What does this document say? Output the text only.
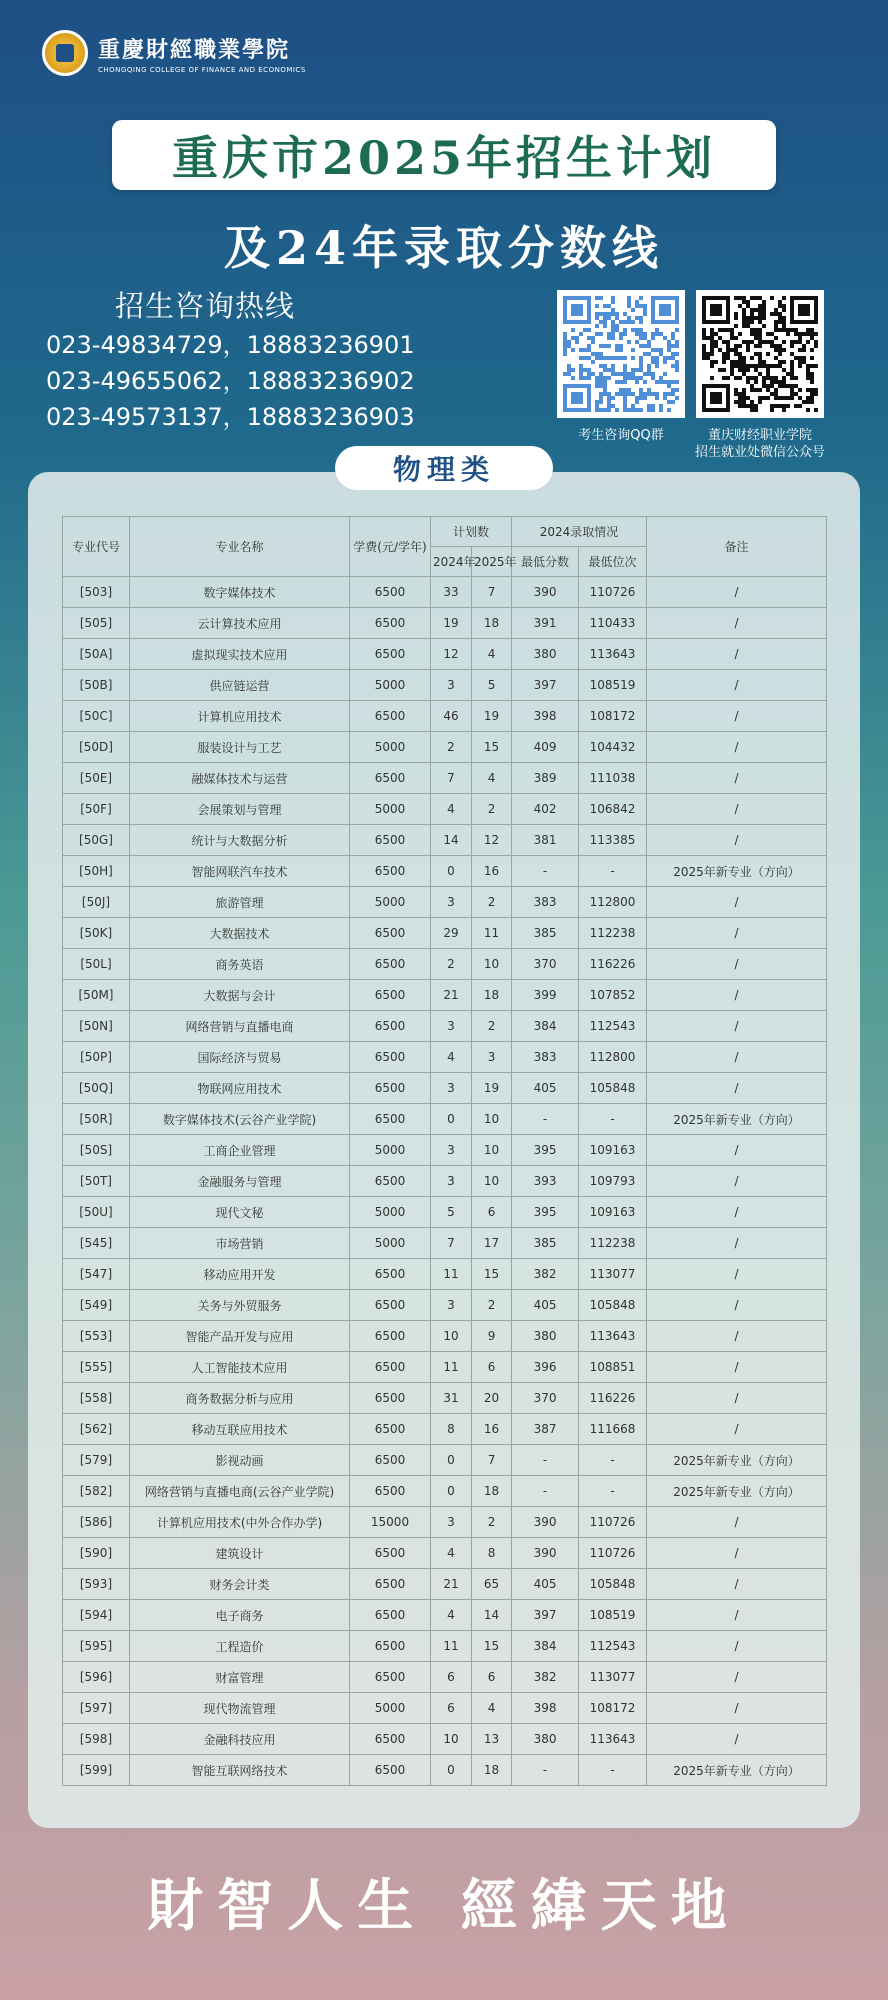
重慶財經職業學院
CHONGQING COLLEGE OF FINANCE AND ECONOMICS
重庆市2025年招生计划
及24年录取分数线
招生咨询热线
023-49834729，18883236901
023-49655062，18883236902
023-49573137，18883236903
考生咨询QQ群	董庆财经职业学院
招生就业处微信公众号
物理类
专业代号	专业名称	学费(元/学年)	计划数		2024录取情况		备注
			2024年	2025年	最低分数	最低位次	
[503]	数字媒体技术	6500	33	7	390	110726	/
[505]	云计算技术应用	6500	19	18	391	110433	/
[50A]	虚拟现实技术应用	6500	12	4	380	113643	/
[50B]	供应链运营	5000	3	5	397	108519	/
[50C]	计算机应用技术	6500	46	19	398	108172	/
[50D]	服装设计与工艺	5000	2	15	409	104432	/
[50E]	融媒体技术与运营	6500	7	4	389	111038	/
[50F]	会展策划与管理	5000	4	2	402	106842	/
[50G]	统计与大数据分析	6500	14	12	381	113385	/
[50H]	智能网联汽车技术	6500	0	16	-	-	2025年新专业（方向）
[50J]	旅游管理	5000	3	2	383	112800	/
[50K]	大数据技术	6500	29	11	385	112238	/
[50L]	商务英语	6500	2	10	370	116226	/
[50M]	大数据与会计	6500	21	18	399	107852	/
[50N]	网络营销与直播电商	6500	3	2	384	112543	/
[50P]	国际经济与贸易	6500	4	3	383	112800	/
[50Q]	物联网应用技术	6500	3	19	405	105848	/
[50R]	数字媒体技术(云谷产业学院)	6500	0	10	-	-	2025年新专业（方向）
[50S]	工商企业管理	5000	3	10	395	109163	/
[50T]	金融服务与管理	6500	3	10	393	109793	/
[50U]	现代文秘	5000	5	6	395	109163	/
[545]	市场营销	5000	7	17	385	112238	/
[547]	移动应用开发	6500	11	15	382	113077	/
[549]	关务与外贸服务	6500	3	2	405	105848	/
[553]	智能产品开发与应用	6500	10	9	380	113643	/
[555]	人工智能技术应用	6500	11	6	396	108851	/
[558]	商务数据分析与应用	6500	31	20	370	116226	/
[562]	移动互联应用技术	6500	8	16	387	111668	/
[579]	影视动画	6500	0	7	-	-	2025年新专业（方向）
[582]	网络营销与直播电商(云谷产业学院)	6500	0	18	-	-	2025年新专业（方向）
[586]	计算机应用技术(中外合作办学)	15000	3	2	390	110726	/
[590]	建筑设计	6500	4	8	390	110726	/
[593]	财务会计类	6500	21	65	405	105848	/
[594]	电子商务	6500	4	14	397	108519	/
[595]	工程造价	6500	11	15	384	112543	/
[596]	财富管理	6500	6	6	382	113077	/
[597]	现代物流管理	5000	6	4	398	108172	/
[598]	金融科技应用	6500	10	13	380	113643	/
[599]	智能互联网络技术	6500	0	18	-	-	2025年新专业（方向）
財智人生 經緯天地
